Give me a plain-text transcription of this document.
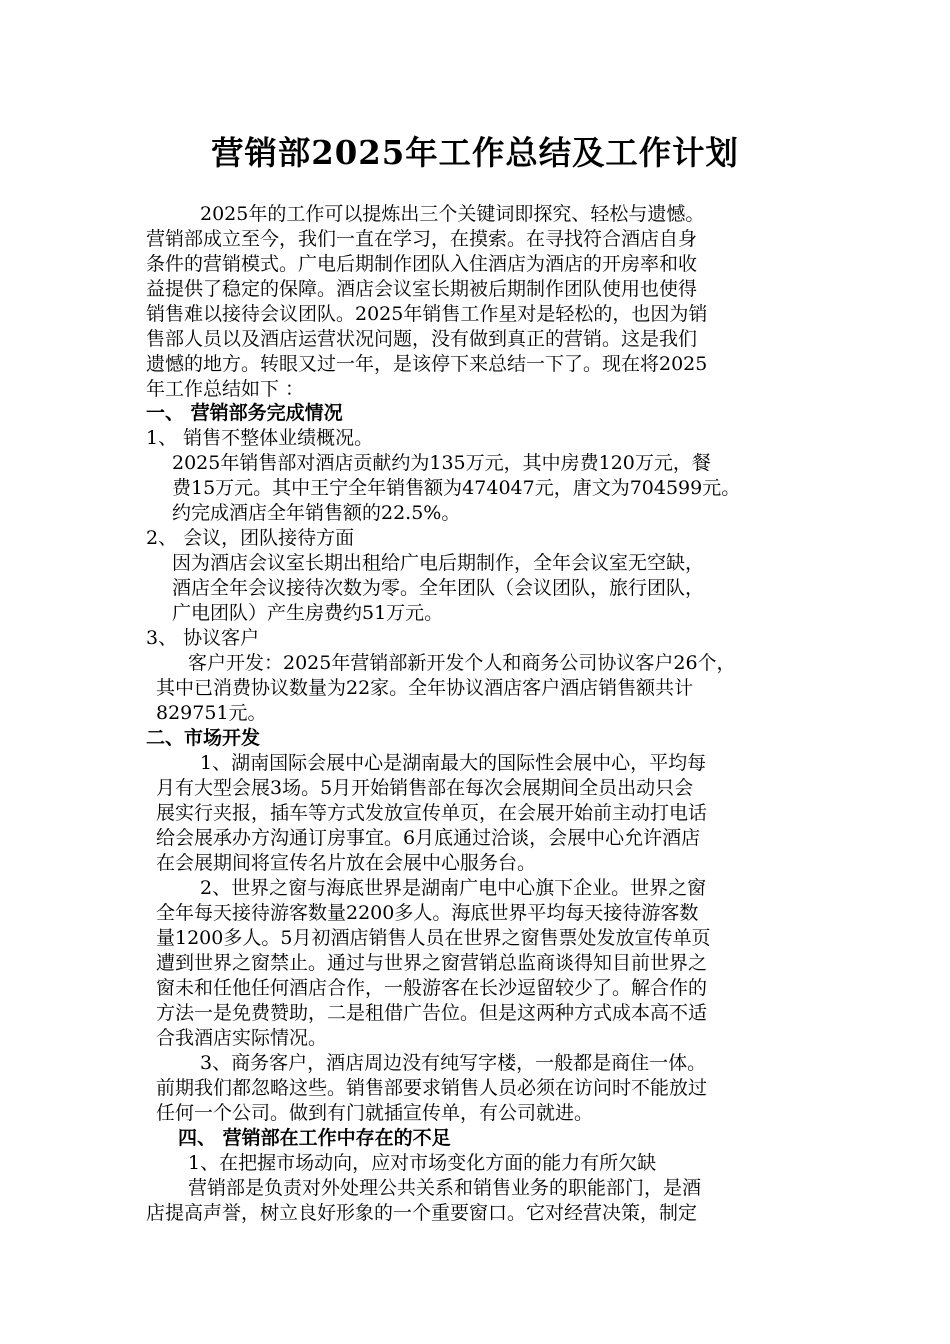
营销部2025年工作总结及工作计划
2025年的工作可以提炼出三个关键词即探究、轻松与遗憾。
营销部成立至今，我们一直在学习，在摸索。在寻找符合酒店自身
条件的营销模式。广电后期制作团队入住酒店为酒店的开房率和收
益提供了稳定的保障。酒店会议室长期被后期制作团队使用也使得
销售难以接待会议团队。2025年销售工作星对是轻松的，也因为销
售部人员以及酒店运营状况问题，没有做到真正的营销。这是我们
遗憾的地方。转眼又过一年，是该停下来总结一下了。现在将2025
年工作总结如下 ：
一、 营销部务完成情况
1、 销售不整体业绩概况。
2025年销售部对酒店贡献约为135万元，其中房费120万元，餐
费15万元。其中王宁全年销售额为474047元，唐文为704599元。
约完成酒店全年销售额的22.5%。
2、 会议，团队接待方面
因为酒店会议室长期出租给广电后期制作，全年会议室无空缺，
酒店全年会议接待次数为零。全年团队（会议团队，旅行团队，
广电团队）产生房费约51万元。
3、 协议客户
客户开发：2025年营销部新开发个人和商务公司协议客户26个，
其中已消费协议数量为22家。全年协议酒店客户酒店销售额共计
829751元。
二、市场开发
1、湖南国际会展中心是湖南最大的国际性会展中心，平均每
月有大型会展3场。5月开始销售部在每次会展期间全员出动只会
展实行夹报，插车等方式发放宣传单页，在会展开始前主动打电话
给会展承办方沟通订房事宜。6月底通过洽谈，会展中心允许酒店
在会展期间将宣传名片放在会展中心服务台。
2、世界之窗与海底世界是湖南广电中心旗下企业。世界之窗
全年每天接待游客数量2200多人。海底世界平均每天接待游客数
量1200多人。5月初酒店销售人员在世界之窗售票处发放宣传单页
遭到世界之窗禁止。通过与世界之窗营销总监商谈得知目前世界之
窗未和任他任何酒店合作，一般游客在长沙逗留较少了。解合作的
方法一是免费赞助，二是租借广告位。但是这两种方式成本高不适
合我酒店实际情况。
3、商务客户，酒店周边没有纯写字楼，一般都是商住一体。
前期我们都忽略这些。销售部要求销售人员必须在访问时不能放过
任何一个公司。做到有门就插宣传单，有公司就进。
四、 营销部在工作中存在的不足
1、在把握市场动向，应对市场变化方面的能力有所欠缺
营销部是负责对外处理公共关系和销售业务的职能部门，是酒
店提高声誉，树立良好形象的一个重要窗口。它对经营决策，制定
